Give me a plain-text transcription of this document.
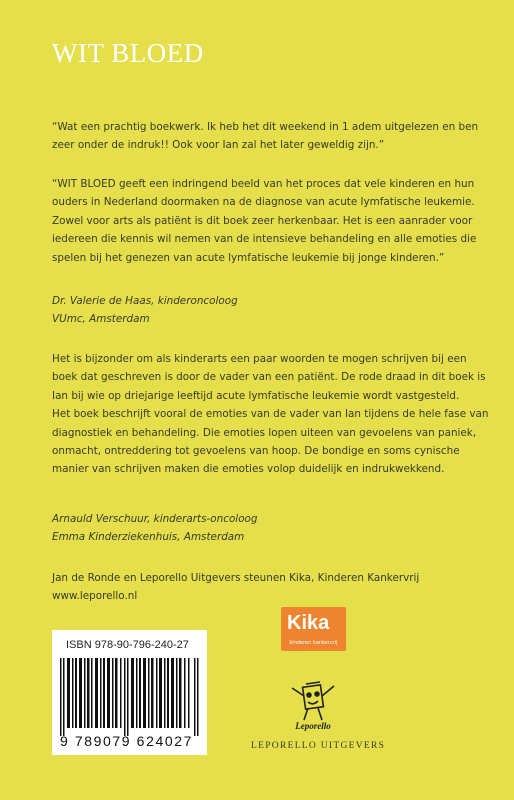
WIT BLOED

“Wat een prachtig boekwerk. Ik heb het dit weekend in 1 adem uitgelezen en ben zeer onder de indruk!! Ook voor Ian zal het later geweldig zijn.”

“WIT BLOED geeft een indringend beeld van het proces dat vele kinderen en hun ouders in Nederland doormaken na de diagnose van acute lymfatische leukemie. Zowel voor arts als patiënt is dit boek zeer herkenbaar. Het is een aanrader voor iedereen die kennis wil nemen van de intensieve behandeling en alle emoties die spelen bij het genezen van acute lymfatische leukemie bij jonge kinderen.”

Dr. Valerie de Haas, kinderoncoloog

VUmc, Amsterdam

Het is bijzonder om als kinderarts een paar woorden te mogen schrijven bij een boek dat geschreven is door de vader van een patiënt. De rode draad in dit boek is Ian bij wie op driejarige leeftijd acute lymfatische leukemie wordt vastgesteld.

Het boek beschrijft vooral de emoties van de vader van Ian tijdens de hele fase van diagnostiek en behandeling. Die emoties lopen uiteen van gevoelens van paniek, onmacht, ontreddering tot gevoelens van hoop. De bondige en soms cynische manier van schrijven maken die emoties volop duidelijk en indrukwekkend.

Arnauld Verschuur, kinderarts-oncoloog

Emma Kinderziekenhuis, Amsterdam

Jan de Ronde en Leporello Uitgevers steunen Kika, Kinderen Kankervrij

www.leporello.nl

Kika
kinderen kankervrij
ISBN 978-90-796-240-27
9 789079 624027
Leporello
LEPORELLO UITGEVERS
